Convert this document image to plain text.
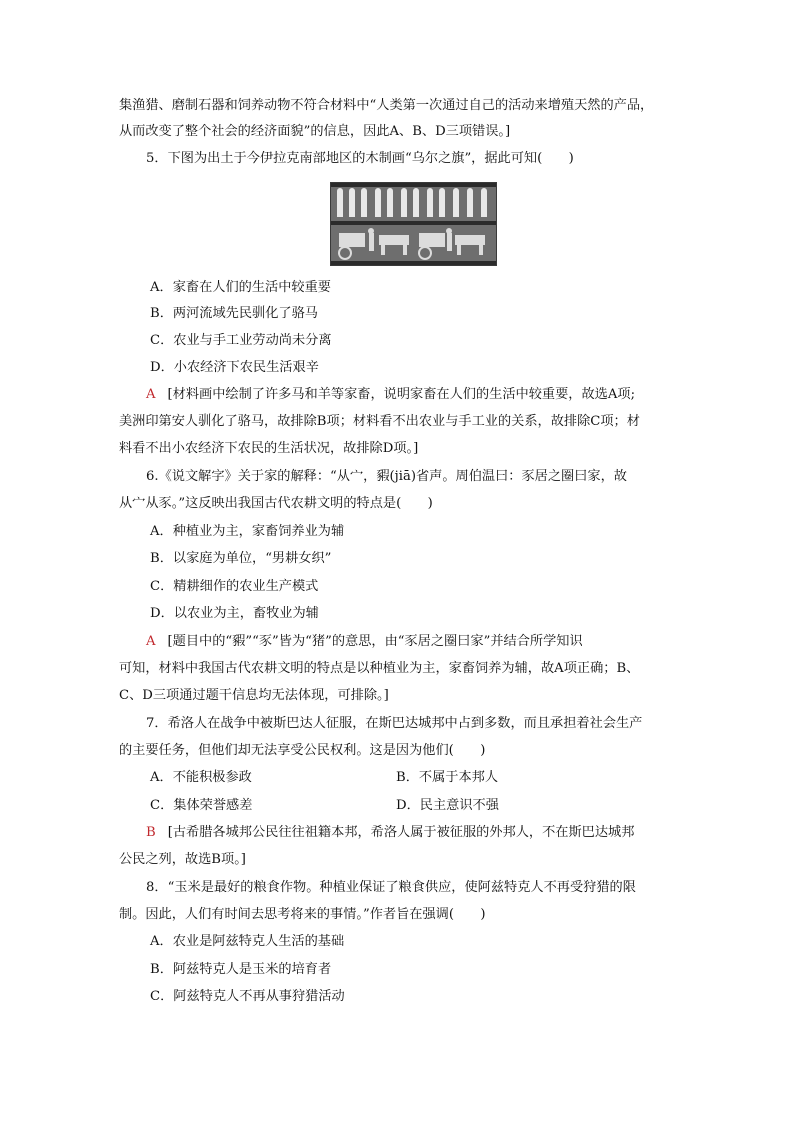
集渔猎、磨制石器和饲养动物不符合材料中“人类第一次通过自己的活动来增殖天然的产品，
从而改变了整个社会的经济面貌”的信息，因此A、B、D三项错误。]
5．下图为出土于今伊拉克南部地区的木制画“乌尔之旗”，据此可知(　　)
A．家畜在人们的生活中较重要
B．两河流域先民驯化了骆马
C．农业与手工业劳动尚未分离
D．小农经济下农民生活艰辛
A [材料画中绘制了许多马和羊等家畜，说明家畜在人们的生活中较重要，故选A项;
美洲印第安人驯化了骆马，故排除B项；材料看不出农业与手工业的关系，故排除C项；材
料看不出小农经济下农民的生活状况，故排除D项。]
6.《说文解字》关于家的解释：“从宀，豭(jiā)省声。周伯温曰：豕居之圈曰家，故
从宀从豕。”这反映出我国古代农耕文明的特点是(　　)
A．种植业为主，家畜饲养业为辅
B．以家庭为单位，“男耕女织”
C．精耕细作的农业生产模式
D．以农业为主，畜牧业为辅
A [题目中的“豭”“豕”皆为“猪”的意思，由“豕居之圈曰家”并结合所学知识
可知，材料中我国古代农耕文明的特点是以种植业为主，家畜饲养为辅，故A项正确；B、
C、D三项通过题干信息均无法体现，可排除。]
7．希洛人在战争中被斯巴达人征服，在斯巴达城邦中占到多数，而且承担着社会生产
的主要任务，但他们却无法享受公民权利。这是因为他们(　　)
A．不能积极参政	B．不属于本邦人
C．集体荣誉感差	D．民主意识不强
B [古希腊各城邦公民往往祖籍本邦，希洛人属于被征服的外邦人，不在斯巴达城邦
公民之列，故选B项。]
8．“玉米是最好的粮食作物。种植业保证了粮食供应，使阿兹特克人不再受狩猎的限
制。因此，人们有时间去思考将来的事情。”作者旨在强调(　　)
A．农业是阿兹特克人生活的基础
B．阿兹特克人是玉米的培育者
C．阿兹特克人不再从事狩猎活动
